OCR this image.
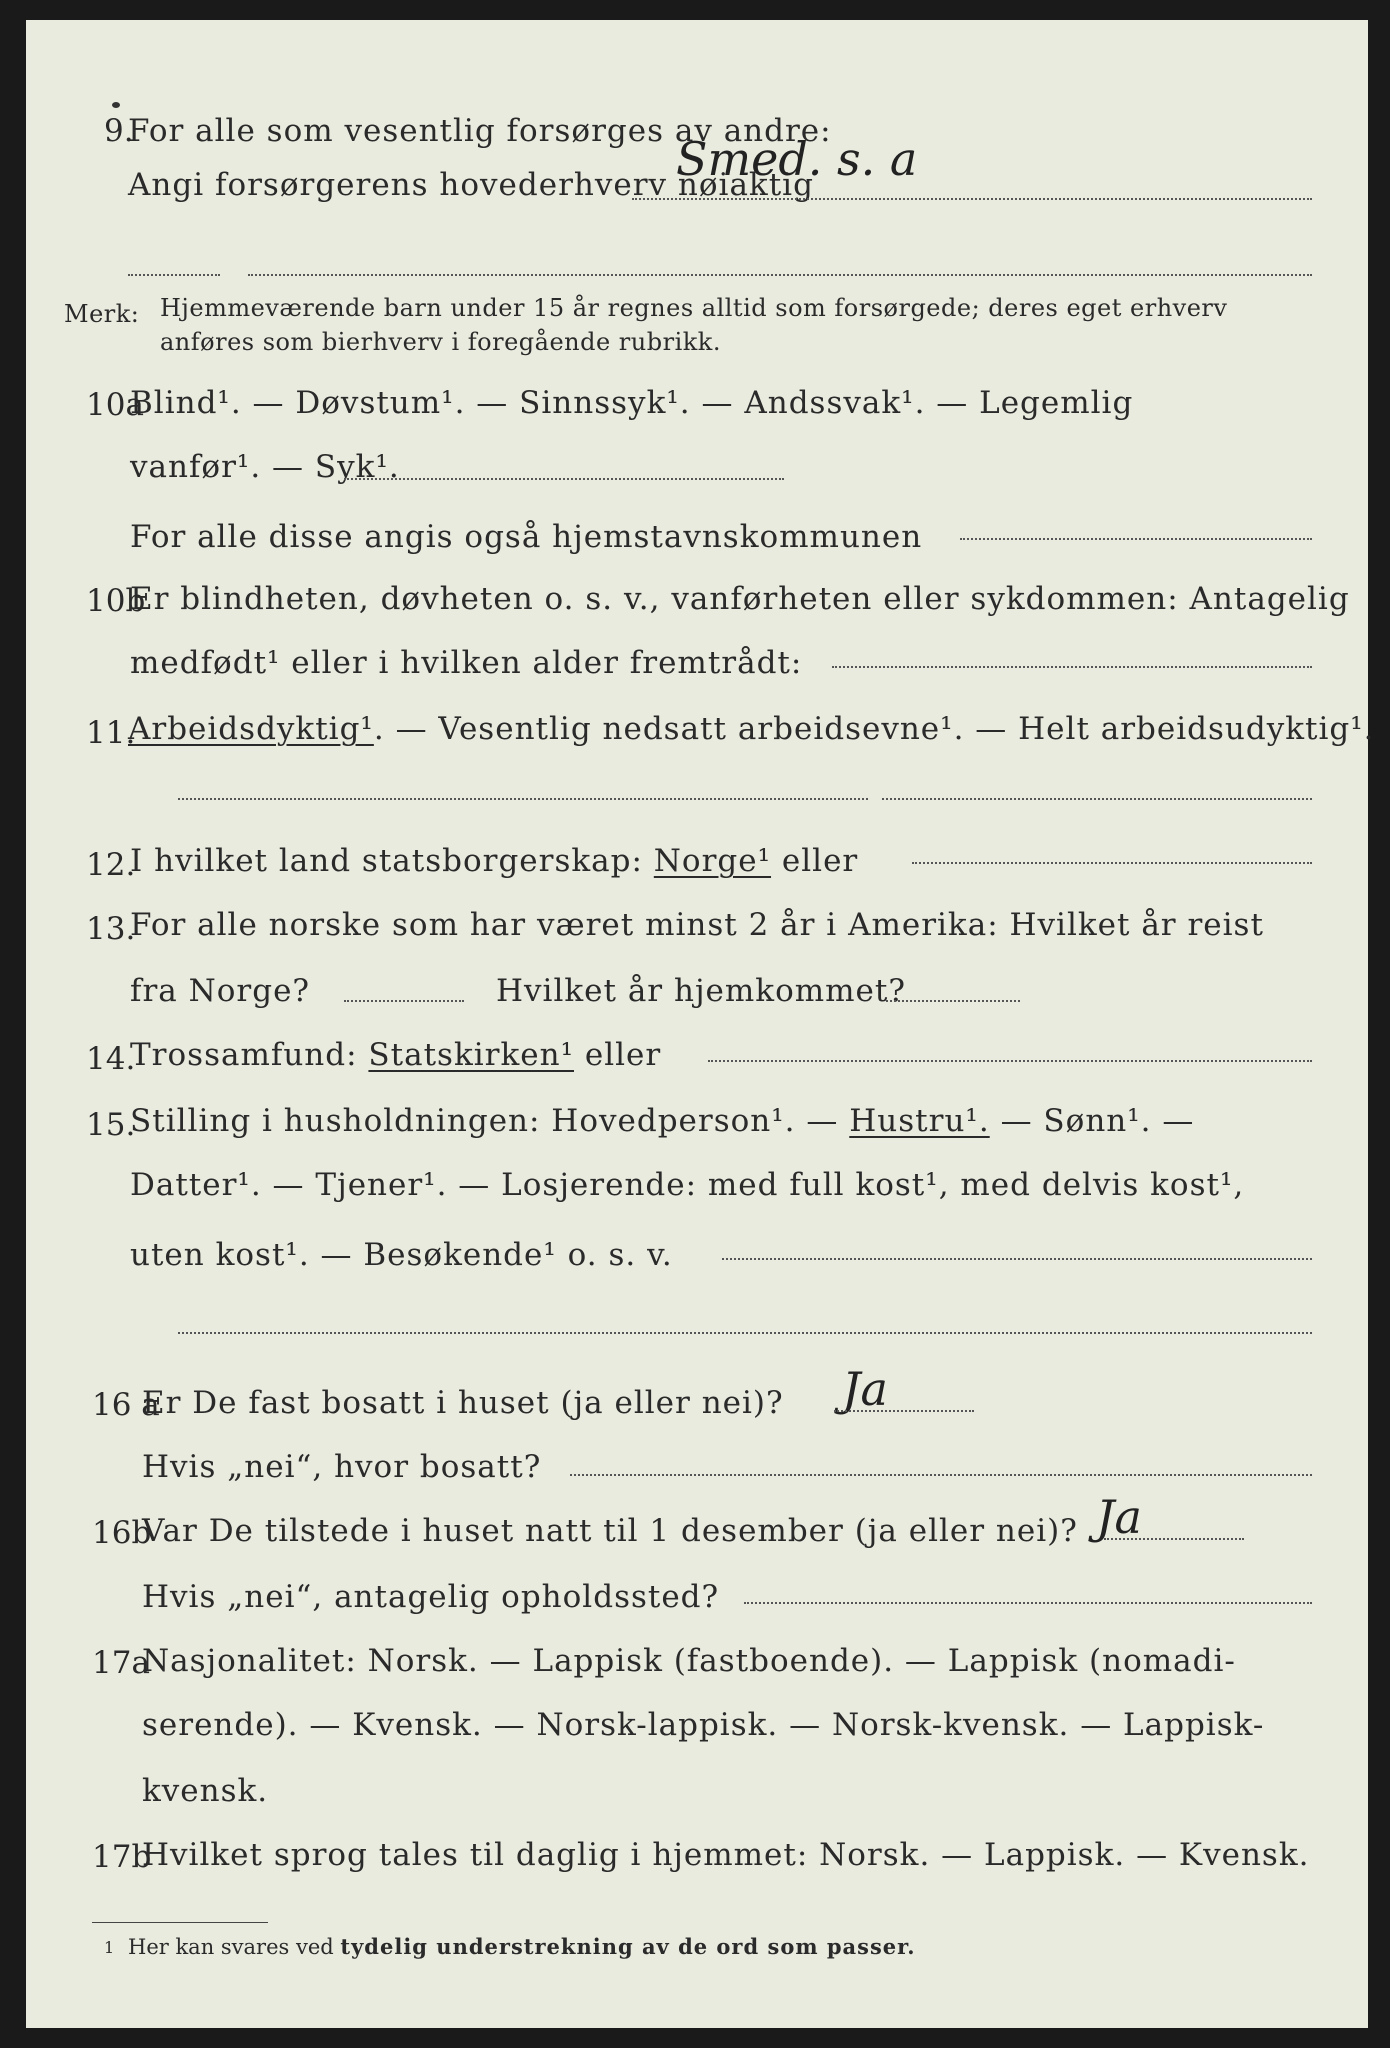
9.
For alle som vesentlig forsørges av andre:
Angi forsørgerens hovederhverv nøiaktig
Smed. s. a
Merk: Hjemmeværende barn under 15 år regnes alltid som forsørgede; deres eget erhverv
anføres som bierhverv i foregående rubrikk.
10a
Blind¹. — Døvstum¹. — Sinnssyk¹. — Andssvak¹. — Legemlig
vanfør¹. — Syk¹.
For alle disse angis også hjemstavnskommunen
10b
Er blindheten, døvheten o. s. v., vanførheten eller sykdommen: Antagelig
medfødt¹ eller i hvilken alder fremtrådt:
11.
Arbeidsdyktig¹. — Vesentlig nedsatt arbeidsevne¹. — Helt arbeidsudyktig¹.
12.
I hvilket land statsborgerskap: Norge¹ eller
13.
For alle norske som har været minst 2 år i Amerika: Hvilket år reist
fra Norge?	Hvilket år hjemkommet?
14.
Trossamfund: Statskirken¹ eller
15.
Stilling i husholdningen: Hovedperson¹. — Hustru¹. — Sønn¹. —
Datter¹. — Tjener¹. — Losjerende: med full kost¹, med delvis kost¹,
uten kost¹. — Besøkende¹ o. s. v.
16 a
Er De fast bosatt i huset (ja eller nei)? Ja
Hvis „nei“, hvor bosatt?
16b
Var De tilstede i huset natt til 1 desember (ja eller nei)? Ja
Hvis „nei“, antagelig opholdssted?
17a
Nasjonalitet: Norsk. — Lappisk (fastboende). — Lappisk (nomadi-
serende). — Kvensk. — Norsk-lappisk. — Norsk-kvensk. — Lappisk-
kvensk.
17b
Hvilket sprog tales til daglig i hjemmet: Norsk. — Lappisk. — Kvensk.
1 Her kan svares ved tydelig understrekning av de ord som passer.
